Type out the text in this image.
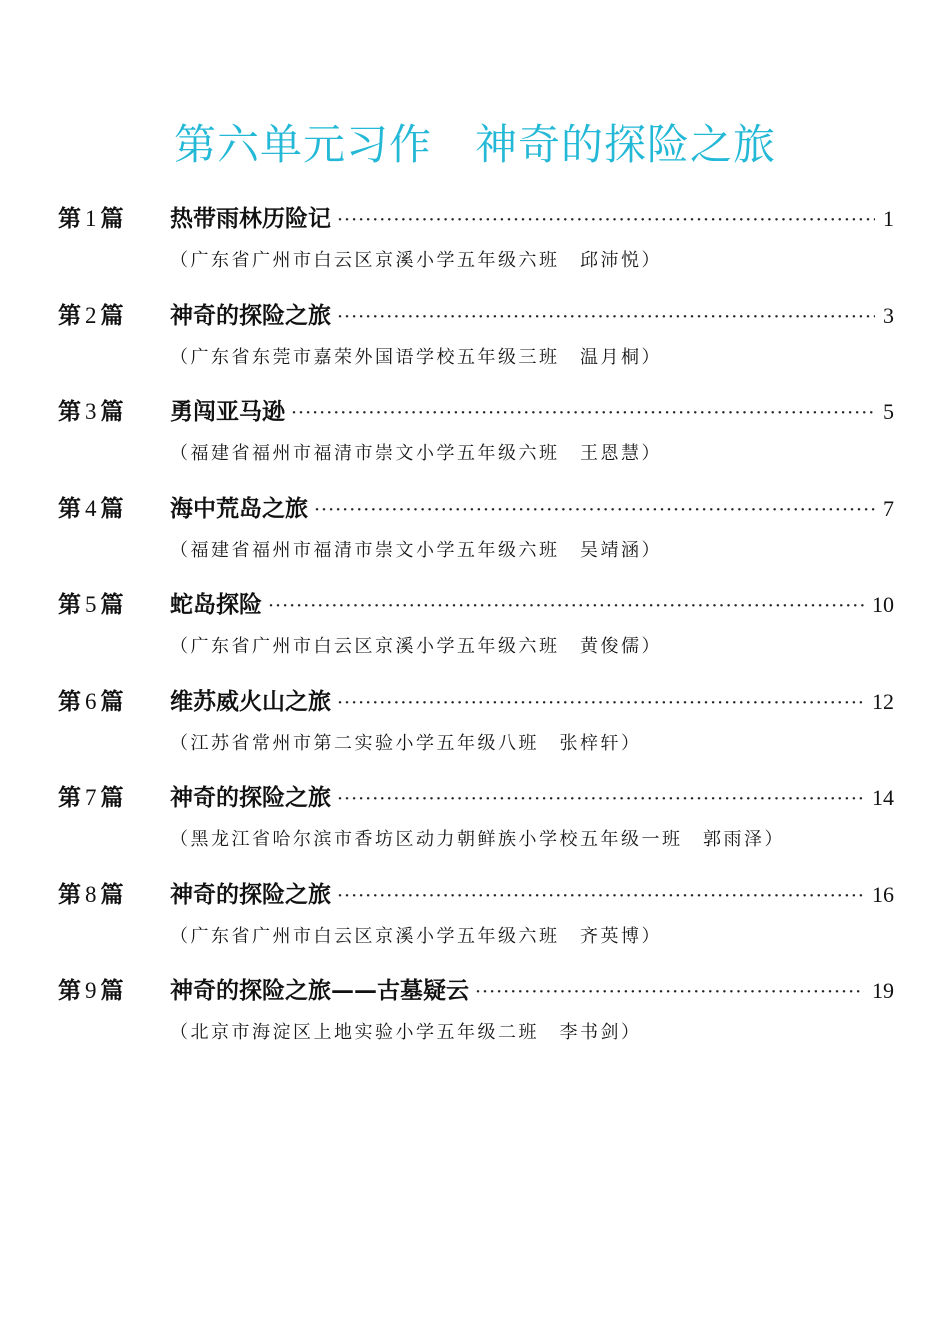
第六单元习作　神奇的探险之旅
第 1 篇	热带雨林历险记 ·····	1
（广东省广州市白云区京溪小学五年级六班　邱沛悦）
第 2 篇	神奇的探险之旅 ·····	3
（广东省东莞市嘉荣外国语学校五年级三班　温月桐）
第 3 篇	勇闯亚马逊 ·····	5
（福建省福州市福清市崇文小学五年级六班　王恩慧）
第 4 篇	海中荒岛之旅 ·····	7
（福建省福州市福清市崇文小学五年级六班　吴靖涵）
第 5 篇	蛇岛探险 ·····	10
（广东省广州市白云区京溪小学五年级六班　黄俊儒）
第 6 篇	维苏威火山之旅 ·····	12
（江苏省常州市第二实验小学五年级八班　张梓轩）
第 7 篇	神奇的探险之旅 ·····	14
（黑龙江省哈尔滨市香坊区动力朝鲜族小学校五年级一班　郭雨泽）
第 8 篇	神奇的探险之旅 ·····	16
（广东省广州市白云区京溪小学五年级六班　齐英博）
第 9 篇	神奇的探险之旅——古墓疑云 ·····	19
（北京市海淀区上地实验小学五年级二班　李书剑）
